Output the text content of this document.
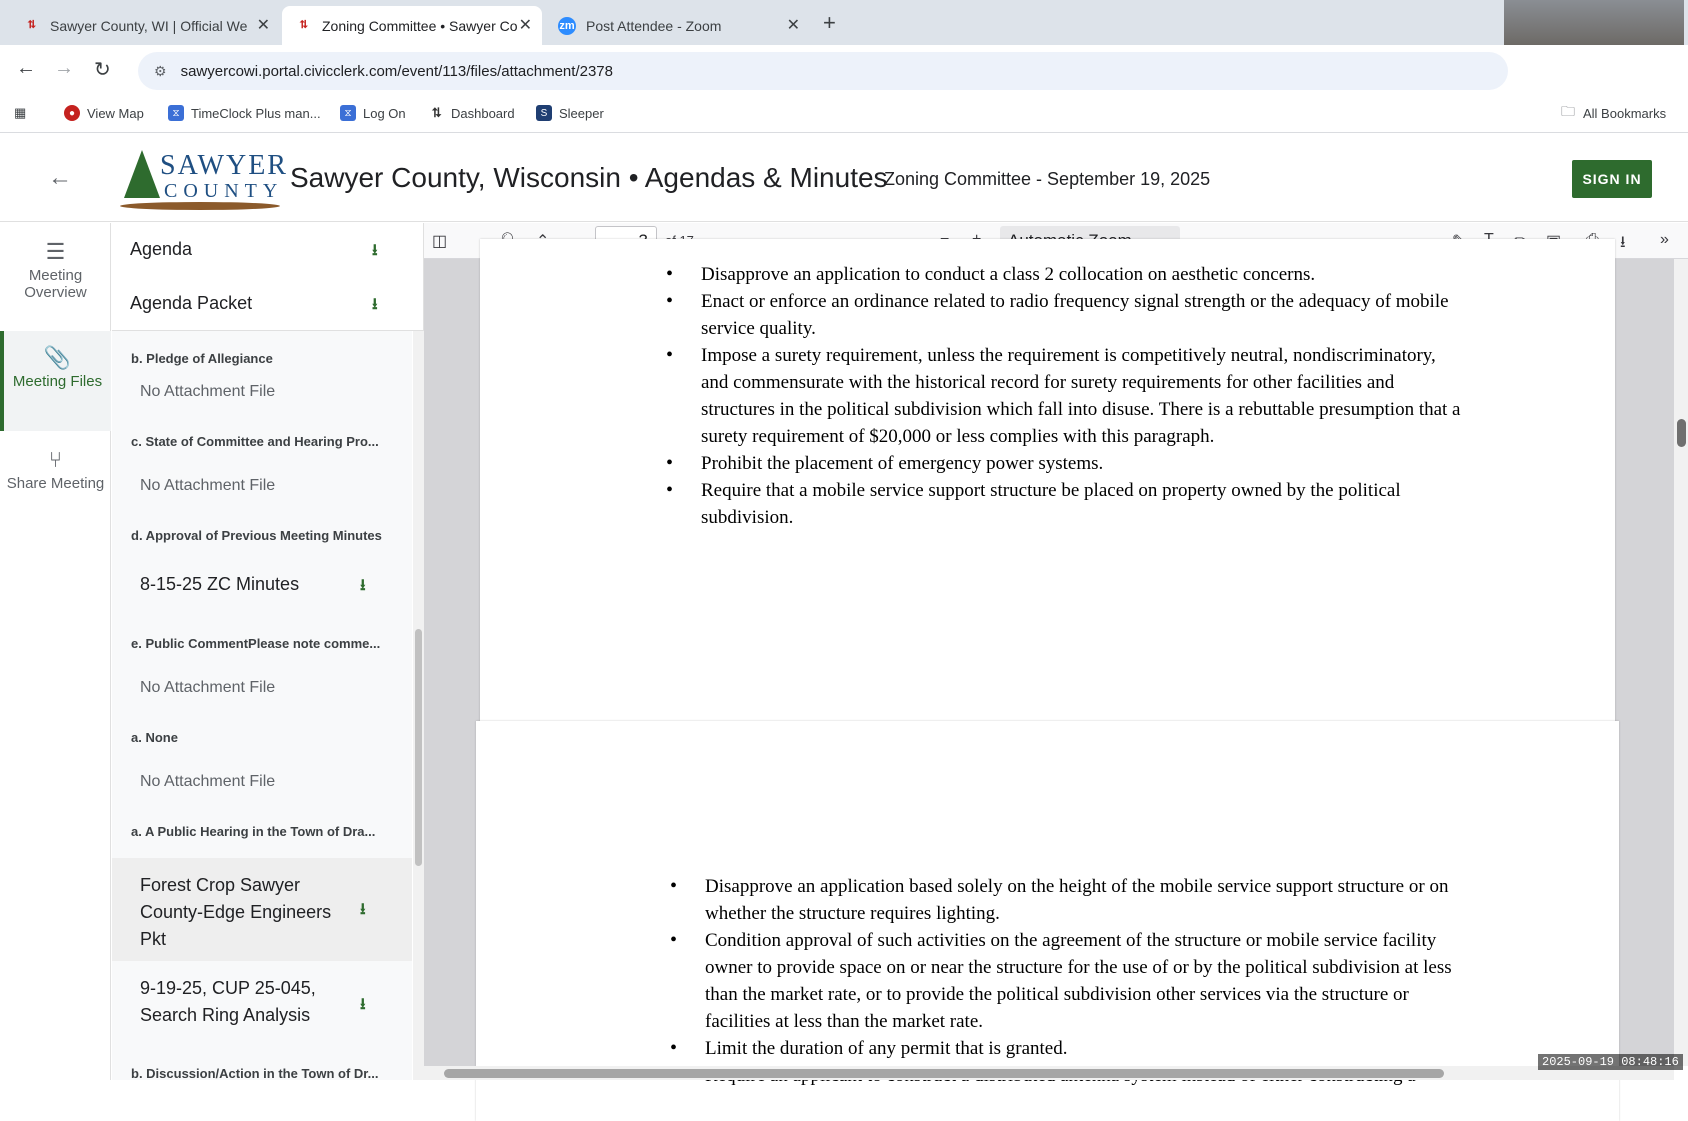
⮁	Sawyer County, WI | Official We ✕	⮁	Zoning Committee • Sawyer Co ✕ zm Post Attendee - Zoom	✕ +
← → ↻	⚙ sawyercowi.portal.civicclerk.com/event/113/files/attachment/2378
▦	● View Map	⧖ TimeClock Plus man...	⧖ Log On ⮁ Dashboard	S Sleeper	🗀 All Bookmarks
←	SAWYER
COUNTY Sawyer County, Wisconsin • Agendas & Minutes
Zoning Committee - September 19, 2025	SIGN IN
☰
Meeting Overview
📎
Meeting Files
⑂
Share Meeting
Agenda	⭳
Agenda Packet	⭳
b. Pledge of Allegiance
No Attachment File
c. State of Committee and Hearing Pro...
No Attachment File
d. Approval of Previous Meeting Minutes
8-15-25 ZC Minutes	⭳
e. Public CommentPlease note comme...
No Attachment File
a. None
No Attachment File
a. A Public Hearing in the Town of Dra...
Forest Crop Sawyer County-Edge Engineers Pkt
⭳
9-19-25, CUP 25-045, Search Ring Analysis
⭳
b. Discussion/Action in the Town of Dr...
◫	⭳ »
• Disapprove an application to conduct a class 2 collocation on aesthetic concerns.
• Enact or enforce an ordinance related to radio frequency signal strength or the adequacy of mobile service quality.
• Impose a surety requirement, unless the requirement is competitively neutral, nondiscriminatory, and commensurate with the historical record for surety requirements for other facilities and structures in the political subdivision which fall into disuse. There is a rebuttable presumption that a surety requirement of $20,000 or less complies with this paragraph.
• Prohibit the placement of emergency power systems.
• Require that a mobile service support structure be placed on property owned by the political subdivision.
• Disapprove an application based solely on the height of the mobile service support structure or on whether the structure requires lighting.
• Condition approval of such activities on the agreement of the structure or mobile service facility owner to provide space on or near the structure for the use of or by the political subdivision at less than the market rate, or to provide the political subdivision other services via the structure or facilities at less than the market rate.
• Limit the duration of any permit that is granted.
•
2025-09-19 08:48:16
